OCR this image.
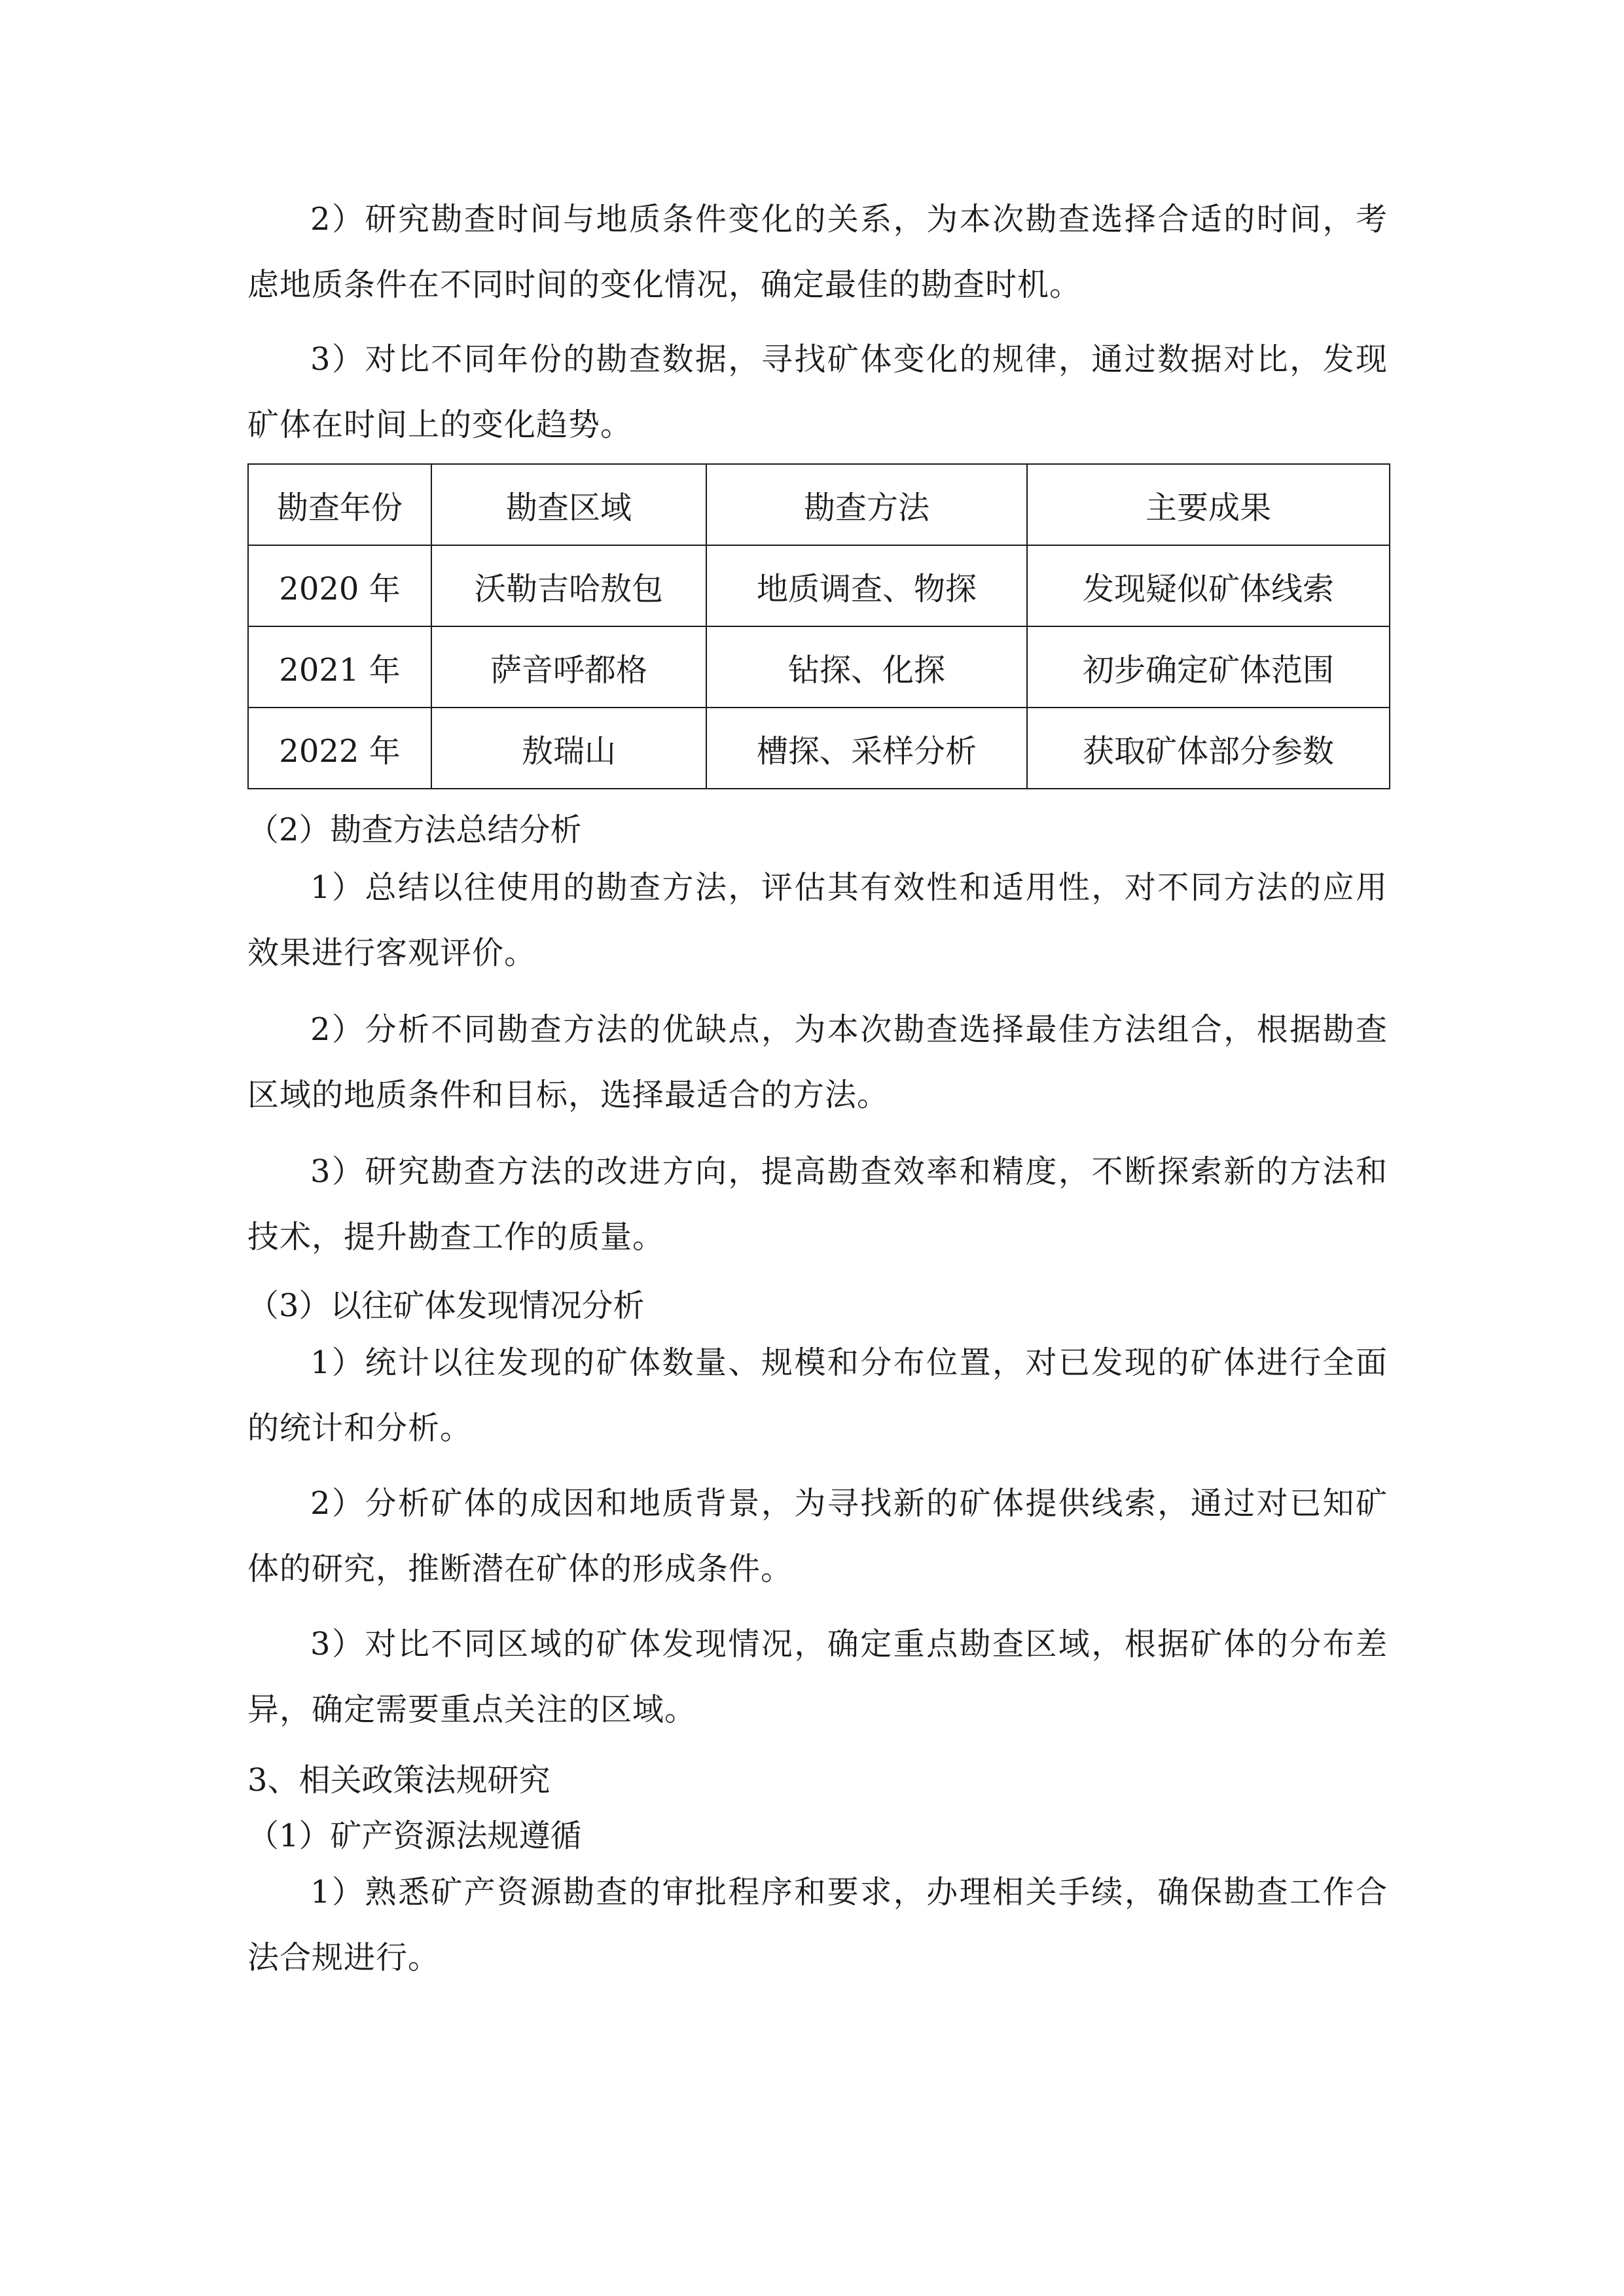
2）研究勘查时间与地质条件变化的关系，为本次勘查选择合适的时间，考虑地质条件在不同时间的变化情况，确定最佳的勘查时机。

3）对比不同年份的勘查数据，寻找矿体变化的规律，通过数据对比，发现矿体在时间上的变化趋势。

勘查年份	勘查区域	勘查方法	主要成果
2020 年	沃勒吉哈敖包	地质调查、物探	发现疑似矿体线索
2021 年	萨音呼都格	钻探、化探	初步确定矿体范围
2022 年	敖瑞山	槽探、采样分析	获取矿体部分参数
（2）勘查方法总结分析

1）总结以往使用的勘查方法，评估其有效性和适用性，对不同方法的应用效果进行客观评价。

2）分析不同勘查方法的优缺点，为本次勘查选择最佳方法组合，根据勘查区域的地质条件和目标，选择最适合的方法。

3）研究勘查方法的改进方向，提高勘查效率和精度，不断探索新的方法和技术，提升勘查工作的质量。

（3）以往矿体发现情况分析

1）统计以往发现的矿体数量、规模和分布位置，对已发现的矿体进行全面的统计和分析。

2）分析矿体的成因和地质背景，为寻找新的矿体提供线索，通过对已知矿体的研究，推断潜在矿体的形成条件。

3）对比不同区域的矿体发现情况，确定重点勘查区域，根据矿体的分布差异，确定需要重点关注的区域。

3、相关政策法规研究
（1）矿产资源法规遵循

1）熟悉矿产资源勘查的审批程序和要求，办理相关手续，确保勘查工作合法合规进行。
